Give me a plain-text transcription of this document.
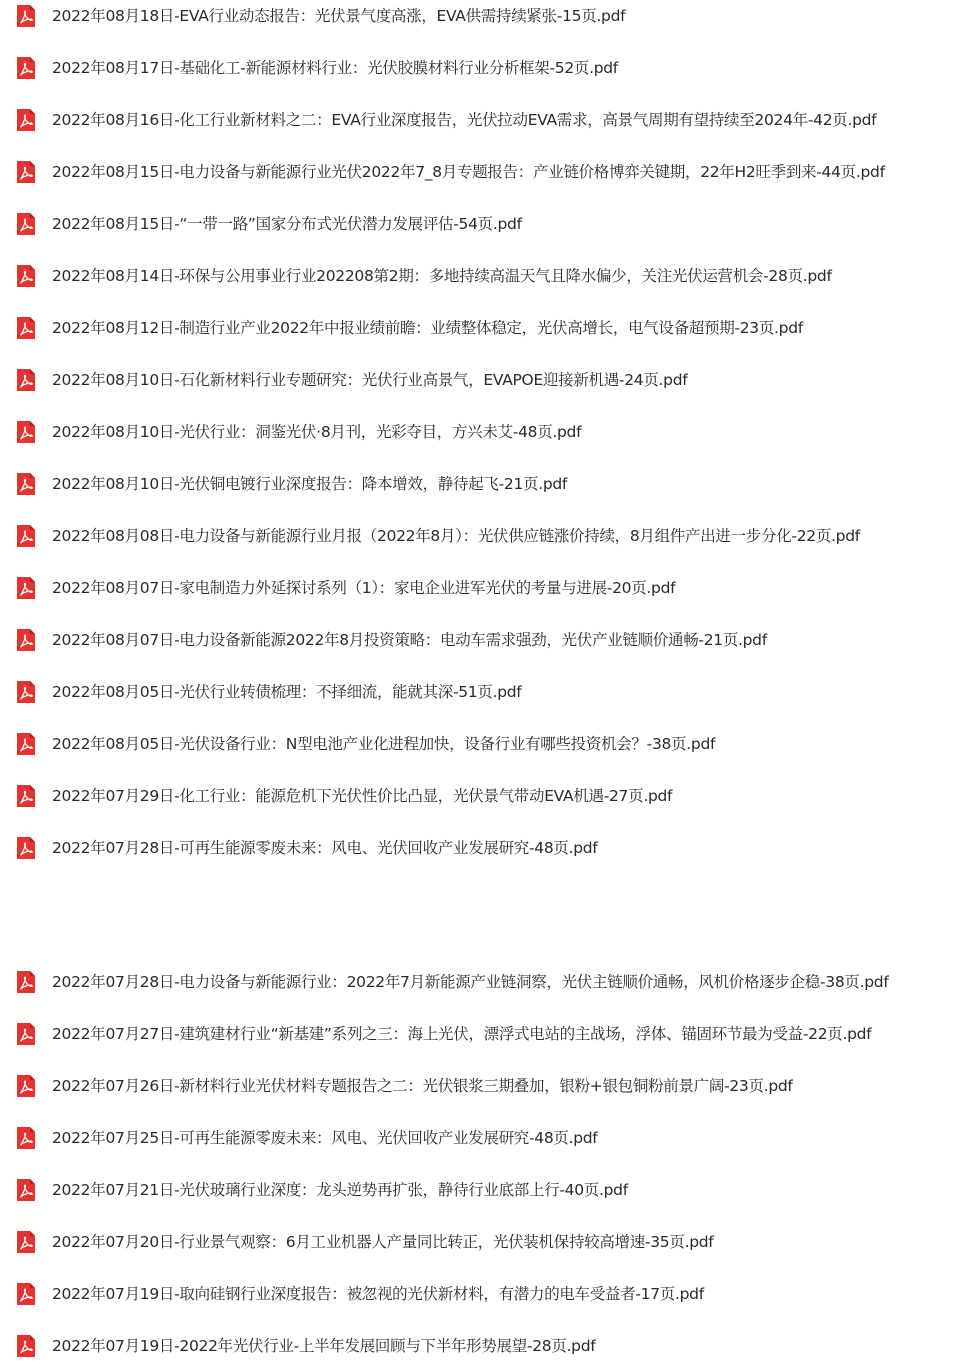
2022年08月18日-EVA行业动态报告：光伏景气度高涨，EVA供需持续紧张-15页.pdf
2022年08月17日-基础化工-新能源材料行业：光伏胶膜材料行业分析框架-52页.pdf
2022年08月16日-化工行业新材料之二：EVA行业深度报告，光伏拉动EVA需求，高景气周期有望持续至2024年-42页.pdf
2022年08月15日-电力设备与新能源行业光伏2022年7_8月专题报告：产业链价格博弈关键期，22年H2旺季到来-44页.pdf
2022年08月15日-“一带一路”国家分布式光伏潜力发展评估-54页.pdf
2022年08月14日-环保与公用事业行业202208第2期：多地持续高温天气且降水偏少，关注光伏运营机会-28页.pdf
2022年08月12日-制造行业产业2022年中报业绩前瞻：业绩整体稳定，光伏高增长，电气设备超预期-23页.pdf
2022年08月10日-石化新材料行业专题研究：光伏行业高景气，EVAPOE迎接新机遇-24页.pdf
2022年08月10日-光伏行业：洞鉴光伏·8月刊，光彩夺目，方兴未艾-48页.pdf
2022年08月10日-光伏铜电镀行业深度报告：降本增效，静待起飞-21页.pdf
2022年08月08日-电力设备与新能源行业月报（2022年8月）：光伏供应链涨价持续，8月组件产出进一步分化-22页.pdf
2022年08月07日-家电制造力外延探讨系列（1）：家电企业进军光伏的考量与进展-20页.pdf
2022年08月07日-电力设备新能源2022年8月投资策略：电动车需求强劲，光伏产业链顺价通畅-21页.pdf
2022年08月05日-光伏行业转债梳理：不择细流，能就其深-51页.pdf
2022年08月05日-光伏设备行业：N型电池产业化进程加快，设备行业有哪些投资机会？-38页.pdf
2022年07月29日-化工行业：能源危机下光伏性价比凸显，光伏景气带动EVA机遇-27页.pdf
2022年07月28日-可再生能源零废未来：风电、光伏回收产业发展研究-48页.pdf
2022年07月28日-电力设备与新能源行业：2022年7月新能源产业链洞察，光伏主链顺价通畅，风机价格逐步企稳-38页.pdf
2022年07月27日-建筑建材行业“新基建”系列之三：海上光伏，漂浮式电站的主战场，浮体、锚固环节最为受益-22页.pdf
2022年07月26日-新材料行业光伏材料专题报告之二：光伏银浆三期叠加，银粉+银包铜粉前景广阔-23页.pdf
2022年07月25日-可再生能源零废未来：风电、光伏回收产业发展研究-48页.pdf
2022年07月21日-光伏玻璃行业深度：龙头逆势再扩张，静待行业底部上行-40页.pdf
2022年07月20日-行业景气观察：6月工业机器人产量同比转正，光伏装机保持较高增速-35页.pdf
2022年07月19日-取向硅钢行业深度报告：被忽视的光伏新材料，有潜力的电车受益者-17页.pdf
2022年07月19日-2022年光伏行业-上半年发展回顾与下半年形势展望-28页.pdf
